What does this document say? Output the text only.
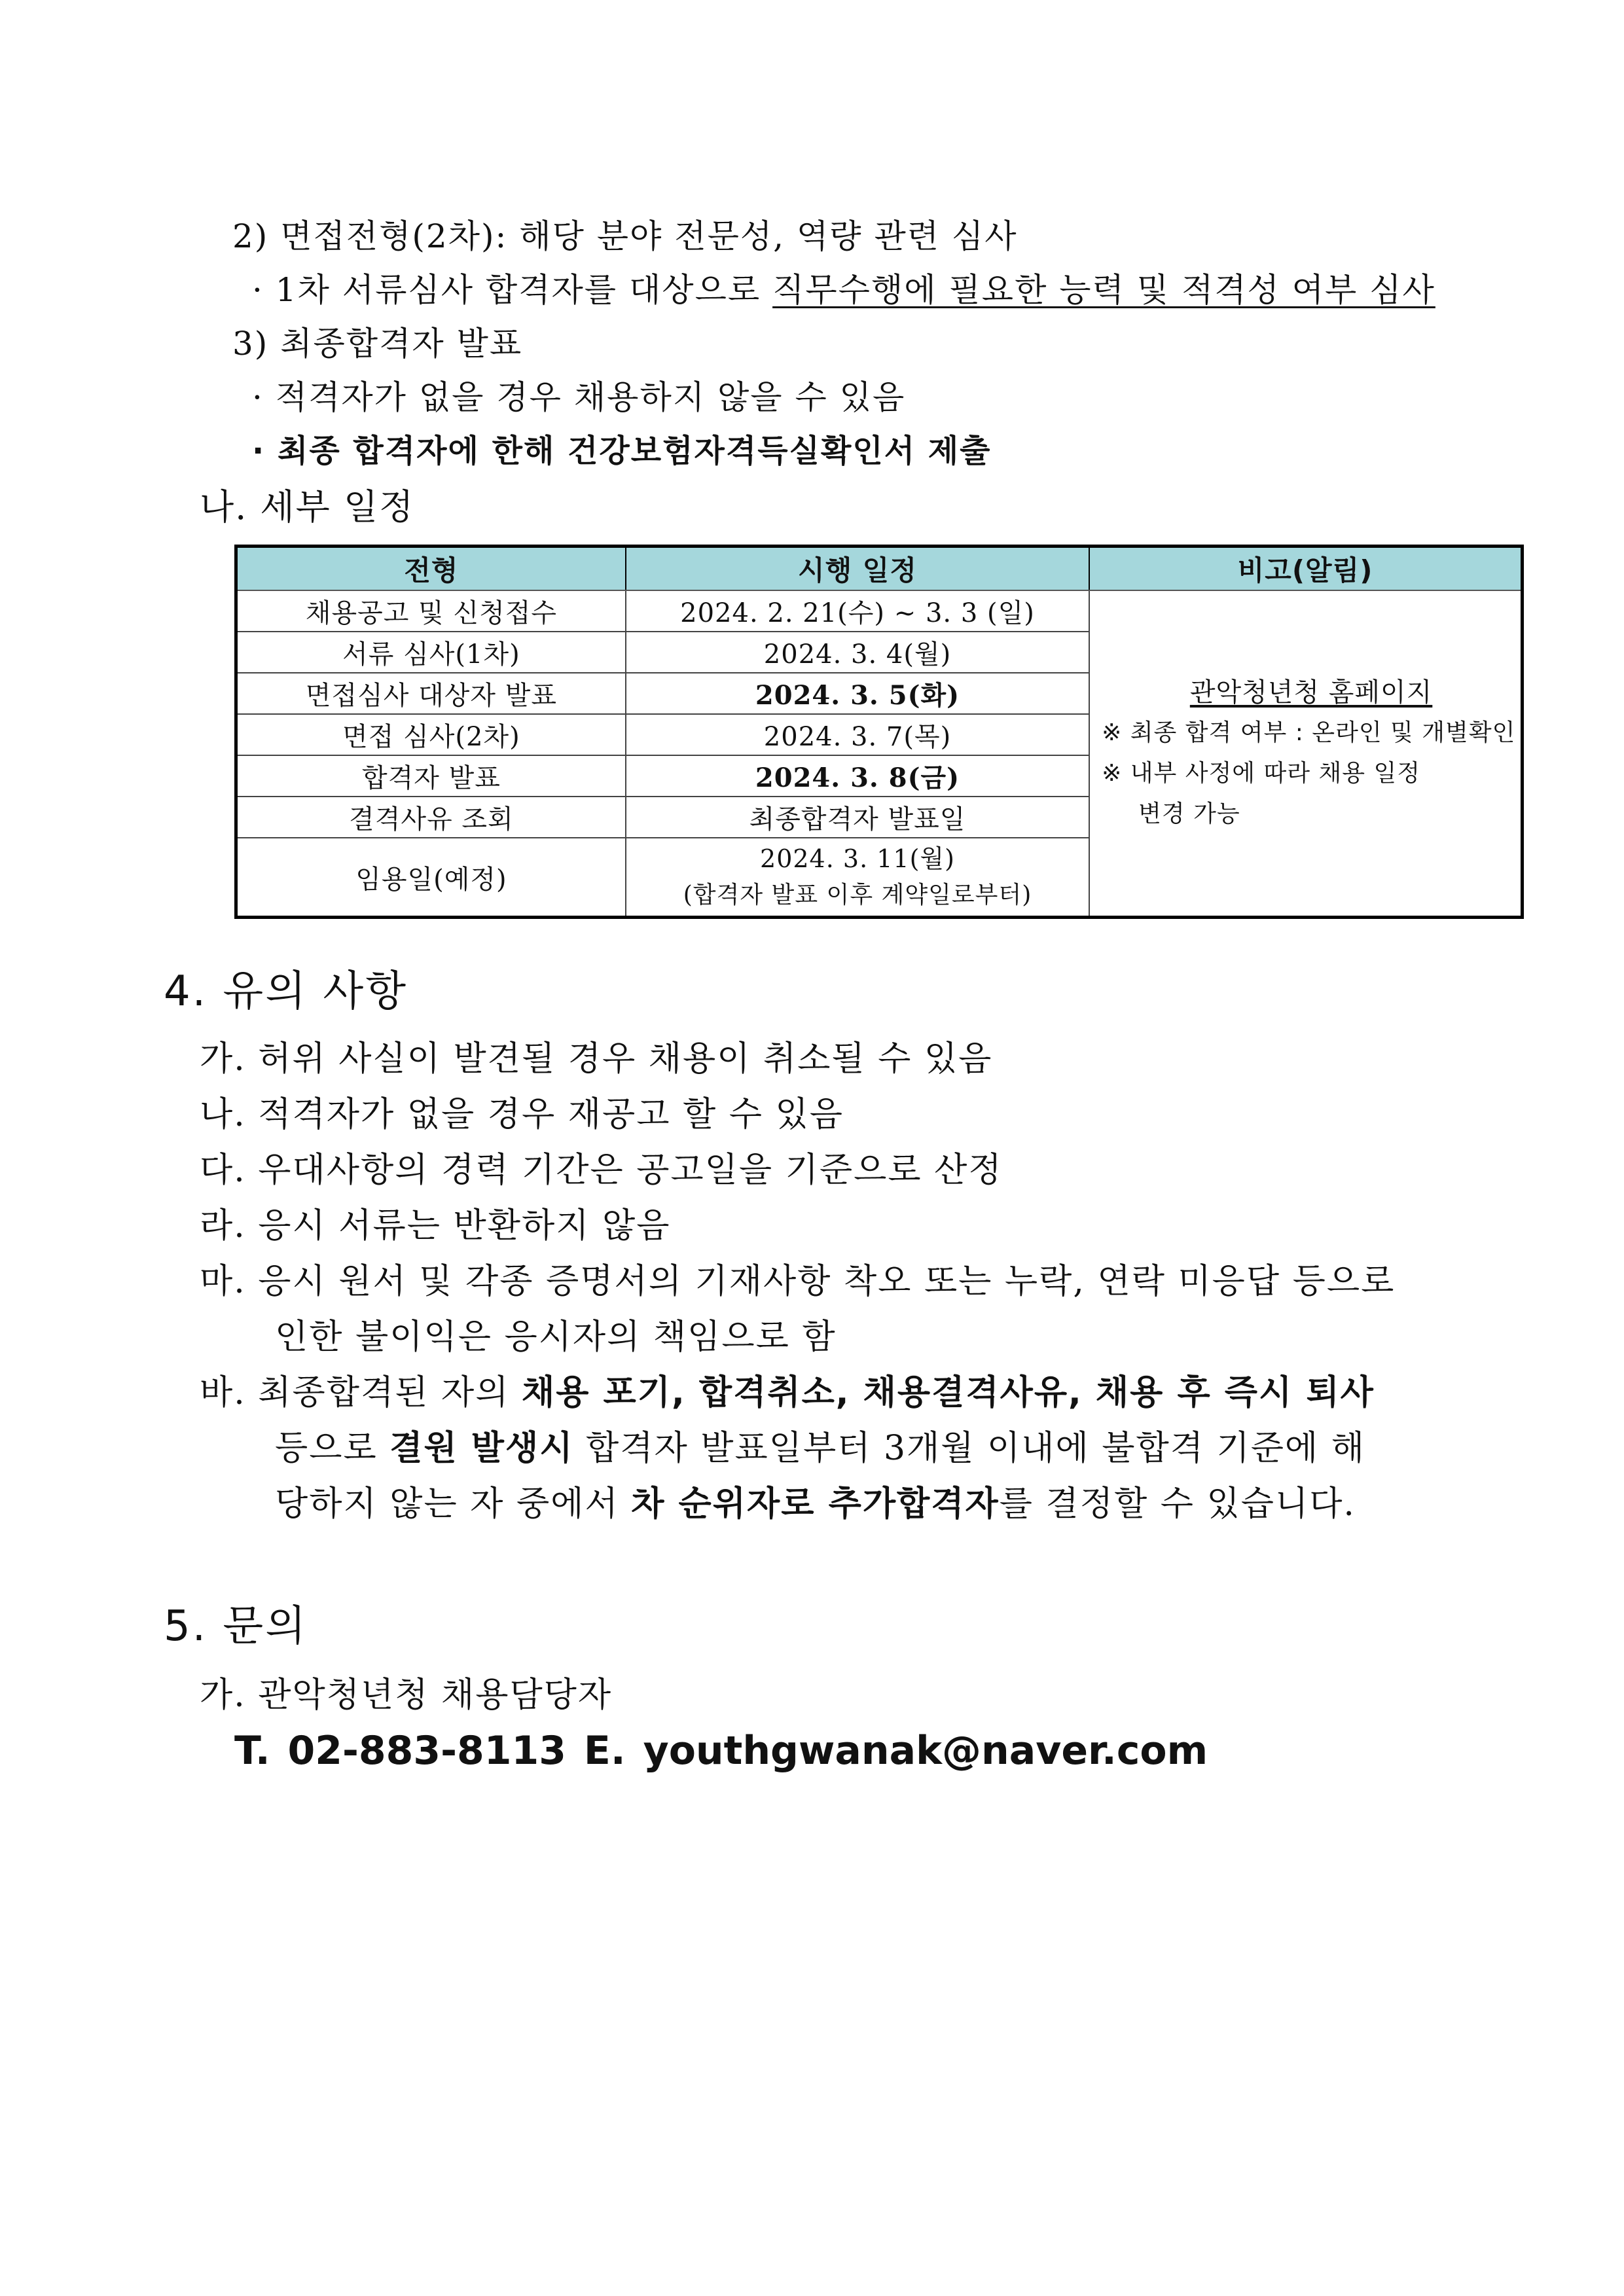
2) 면접전형(2차): 해당 분야 전문성, 역량 관련 심사
· 1차 서류심사 합격자를 대상으로 직무수행에 필요한 능력 및 적격성 여부 심사
3) 최종합격자 발표
· 적격자가 없을 경우 채용하지 않을 수 있음
· 최종 합격자에 한해 건강보험자격득실확인서 제출
나. 세부 일정
전형	시행 일정	비고(알림)
채용공고 및 신청접수	2024. 2. 21(수) ~ 3. 3 (일)	관악청년청 홈페이지
※ 최종 합격 여부 : 온라인 및 개별확인
※ 내부 사정에 따라 채용 일정
변경 가능

서류 심사(1차)	2024. 3. 4(월)	
면접심사 대상자 발표	2024. 3. 5(화)	
면접 심사(2차)	2024. 3. 7(목)	
합격자 발표	2024. 3. 8(금)	
결격사유 조회	최종합격자 발표일	
임용일(예정)	2024. 3. 11(월)
(합격자 발표 이후 계약일로부터)	
4. 유의 사항
가. 허위 사실이 발견될 경우 채용이 취소될 수 있음
나. 적격자가 없을 경우 재공고 할 수 있음
다. 우대사항의 경력 기간은 공고일을 기준으로 산정
라. 응시 서류는 반환하지 않음
마. 응시 원서 및 각종 증명서의 기재사항 착오 또는 누락, 연락 미응답 등으로
인한 불이익은 응시자의 책임으로 함
바. 최종합격된 자의 채용 포기, 합격취소, 채용결격사유, 채용 후 즉시 퇴사
등으로 결원 발생시 합격자 발표일부터 3개월 이내에 불합격 기준에 해
당하지 않는 자 중에서 차 순위자로 추가합격자를 결정할 수 있습니다.
5. 문의
가. 관악청년청 채용담당자
T. 02-883-8113 E. youthgwanak@naver.com
